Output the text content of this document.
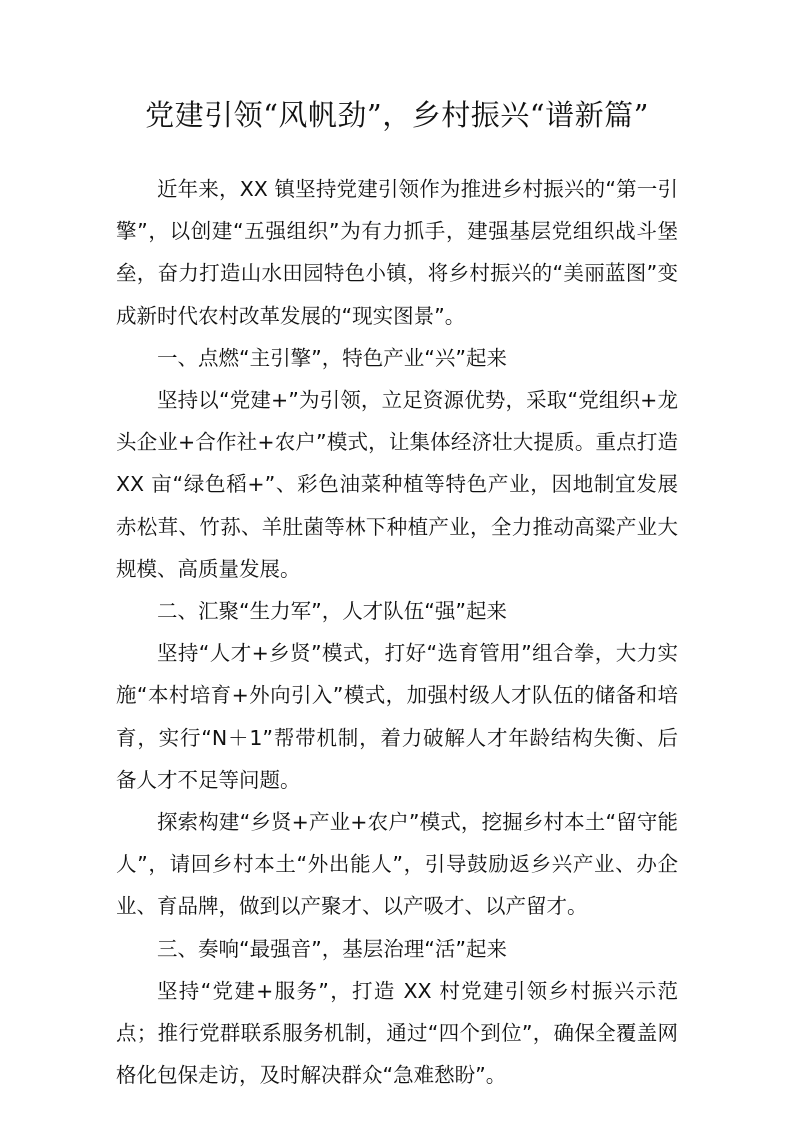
党建引领“风帆劲”，乡村振兴“谱新篇”

近年来，XX 镇坚持党建引领作为推进乡村振兴的“第一引擎”，以创建“五强组织”为有力抓手，建强基层党组织战斗堡垒，奋力打造山水田园特色小镇，将乡村振兴的“美丽蓝图”变成新时代农村改革发展的“现实图景”。

一、点燃“主引擎”，特色产业“兴”起来

坚持以“党建+”为引领，立足资源优势，采取“党组织+龙头企业+合作社+农户”模式，让集体经济壮大提质。重点打造 XX 亩“绿色稻+”、彩色油菜种植等特色产业，因地制宜发展赤松茸、竹荪、羊肚菌等林下种植产业，全力推动高粱产业大规模、高质量发展。

二、汇聚“生力军”，人才队伍“强”起来

坚持“人才+乡贤”模式，打好“选育管用”组合拳，大力实施“本村培育+外向引入”模式，加强村级人才队伍的储备和培育，实行“N＋1”帮带机制，着力破解人才年龄结构失衡、后备人才不足等问题。

探索构建“乡贤+产业+农户”模式，挖掘乡村本土“留守能人”，请回乡村本土“外出能人”，引导鼓励返乡兴产业、办企业、育品牌，做到以产聚才、以产吸才、以产留才。

三、奏响“最强音”，基层治理“活”起来

坚持“党建+服务”，打造 XX 村党建引领乡村振兴示范点；推行党群联系服务机制，通过“四个到位”，确保全覆盖网格化包保走访，及时解决群众“急难愁盼”。
